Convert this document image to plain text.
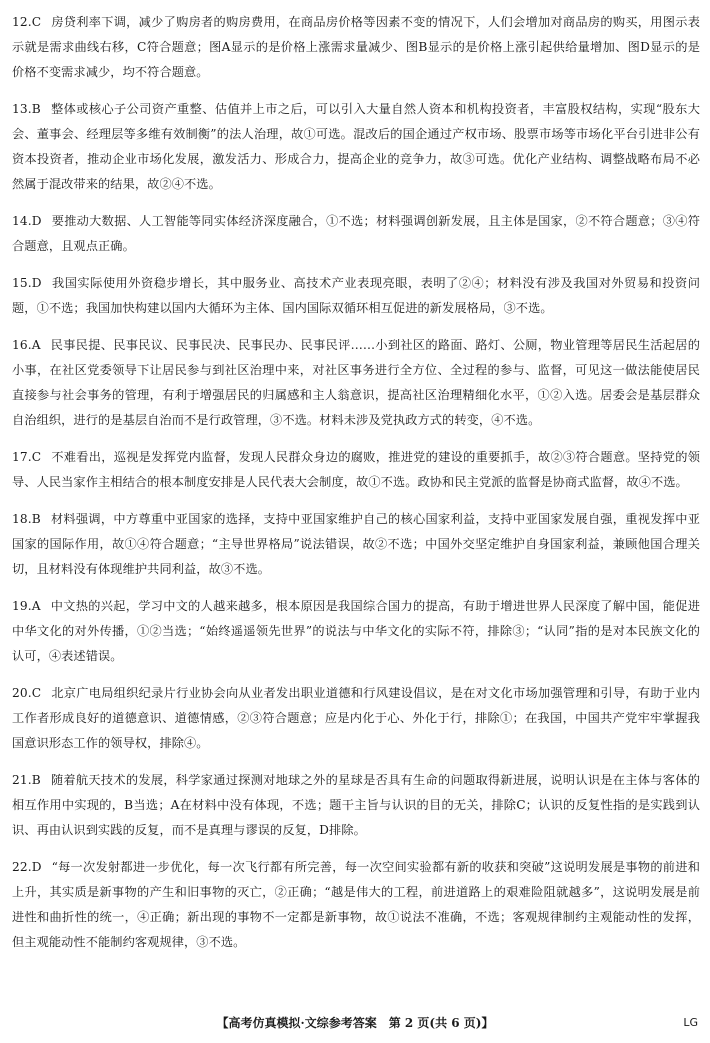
12.C 房贷利率下调，减少了购房者的购房费用，在商品房价格等因素不变的情况下，人们会增加对商品房的购买，用图示表示就是需求曲线右移，C符合题意；图A显示的是价格上涨需求量减少、图B显示的是价格上涨引起供给量增加、图D显示的是价格不变需求减少，均不符合题意。

13.B 整体或核心子公司资产重整、估值并上市之后，可以引入大量自然人资本和机构投资者，丰富股权结构，实现“股东大会、董事会、经理层等多维有效制衡”的法人治理，故①可选。混改后的国企通过产权市场、股票市场等市场化平台引进非公有资本投资者，推动企业市场化发展，激发活力、形成合力，提高企业的竞争力，故③可选。优化产业结构、调整战略布局不必然属于混改带来的结果，故②④不选。

14.D 要推动大数据、人工智能等同实体经济深度融合，①不选；材料强调创新发展，且主体是国家，②不符合题意；③④符合题意，且观点正确。

15.D 我国实际使用外资稳步增长，其中服务业、高技术产业表现亮眼，表明了②④；材料没有涉及我国对外贸易和投资问题，①不选；我国加快构建以国内大循环为主体、国内国际双循环相互促进的新发展格局，③不选。

16.A 民事民提、民事民议、民事民决、民事民办、民事民评……小到社区的路面、路灯、公厕，物业管理等居民生活起居的小事，在社区党委领导下让居民参与到社区治理中来，对社区事务进行全方位、全过程的参与、监督，可见这一做法能使居民直接参与社会事务的管理，有利于增强居民的归属感和主人翁意识，提高社区治理精细化水平，①②入选。居委会是基层群众自治组织，进行的是基层自治而不是行政管理，③不选。材料未涉及党执政方式的转变，④不选。

17.C 不难看出，巡视是发挥党内监督，发现人民群众身边的腐败，推进党的建设的重要抓手，故②③符合题意。坚持党的领导、人民当家作主相结合的根本制度安排是人民代表大会制度，故①不选。政协和民主党派的监督是协商式监督，故④不选。

18.B 材料强调，中方尊重中亚国家的选择，支持中亚国家维护自己的核心国家利益，支持中亚国家发展自强，重视发挥中亚国家的国际作用，故①④符合题意；“主导世界格局”说法错误，故②不选；中国外交坚定维护自身国家利益，兼顾他国合理关切，且材料没有体现维护共同利益，故③不选。

19.A 中文热的兴起，学习中文的人越来越多，根本原因是我国综合国力的提高，有助于增进世界人民深度了解中国，能促进中华文化的对外传播，①②当选；“始终遥遥领先世界”的说法与中华文化的实际不符，排除③；“认同”指的是对本民族文化的认可，④表述错误。

20.C 北京广电局组织纪录片行业协会向从业者发出职业道德和行风建设倡议，是在对文化市场加强管理和引导，有助于业内工作者形成良好的道德意识、道德情感，②③符合题意；应是内化于心、外化于行，排除①；在我国，中国共产党牢牢掌握我国意识形态工作的领导权，排除④。

21.B 随着航天技术的发展，科学家通过探测对地球之外的星球是否具有生命的问题取得新进展，说明认识是在主体与客体的相互作用中实现的，B当选；A在材料中没有体现，不选；题干主旨与认识的目的无关，排除C；认识的反复性指的是实践到认识、再由认识到实践的反复，而不是真理与谬误的反复，D排除。

22.D “每一次发射都进一步优化，每一次飞行都有所完善，每一次空间实验都有新的收获和突破”这说明发展是事物的前进和上升，其实质是新事物的产生和旧事物的灭亡，②正确；“越是伟大的工程，前进道路上的艰难险阻就越多”，这说明发展是前进性和曲折性的统一，④正确；新出现的事物不一定都是新事物，故①说法不准确，不选；客观规律制约主观能动性的发挥，但主观能动性不能制约客观规律，③不选。

【高考仿真模拟·文综参考答案　第 2 页(共 6 页)】	LG
